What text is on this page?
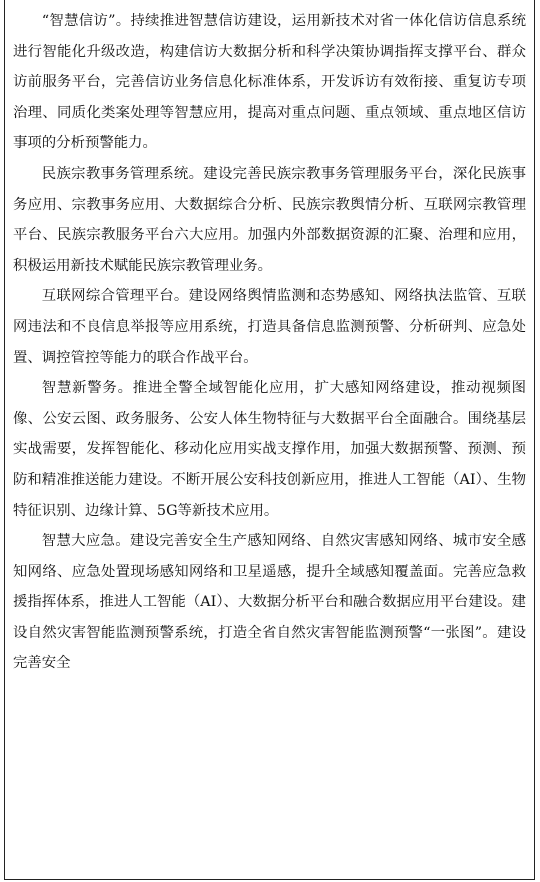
“智慧信访”。持续推进智慧信访建设，运用新技术对省一体化信访信息系统进行智能化升级改造，构建信访大数据分析和科学决策协调指挥支撑平台、群众访前服务平台，完善信访业务信息化标准体系，开发诉访有效衔接、重复访专项治理、同质化类案处理等智慧应用，提高对重点问题、重点领域、重点地区信访事项的分析预警能力。

民族宗教事务管理系统。建设完善民族宗教事务管理服务平台，深化民族事务应用、宗教事务应用、大数据综合分析、民族宗教舆情分析、互联网宗教管理平台、民族宗教服务平台六大应用。加强内外部数据资源的汇聚、治理和应用，积极运用新技术赋能民族宗教管理业务。

互联网综合管理平台。建设网络舆情监测和态势感知、网络执法监管、互联网违法和不良信息举报等应用系统，打造具备信息监测预警、分析研判、应急处置、调控管控等能力的联合作战平台。

智慧新警务。推进全警全域智能化应用，扩大感知网络建设，推动视频图像、公安云图、政务服务、公安人体生物特征与大数据平台全面融合。围绕基层实战需要，发挥智能化、移动化应用实战支撑作用，加强大数据预警、预测、预防和精准推送能力建设。不断开展公安科技创新应用，推进人工智能（AI）、生物特征识别、边缘计算、5G等新技术应用。

智慧大应急。建设完善安全生产感知网络、自然灾害感知网络、城市安全感知网络、应急处置现场感知网络和卫星遥感，提升全域感知覆盖面。完善应急救援指挥体系，推进人工智能（AI）、大数据分析平台和融合数据应用平台建设。建设自然灾害智能监测预警系统，打造全省自然灾害智能监测预警“一张图”。建设完善安全
